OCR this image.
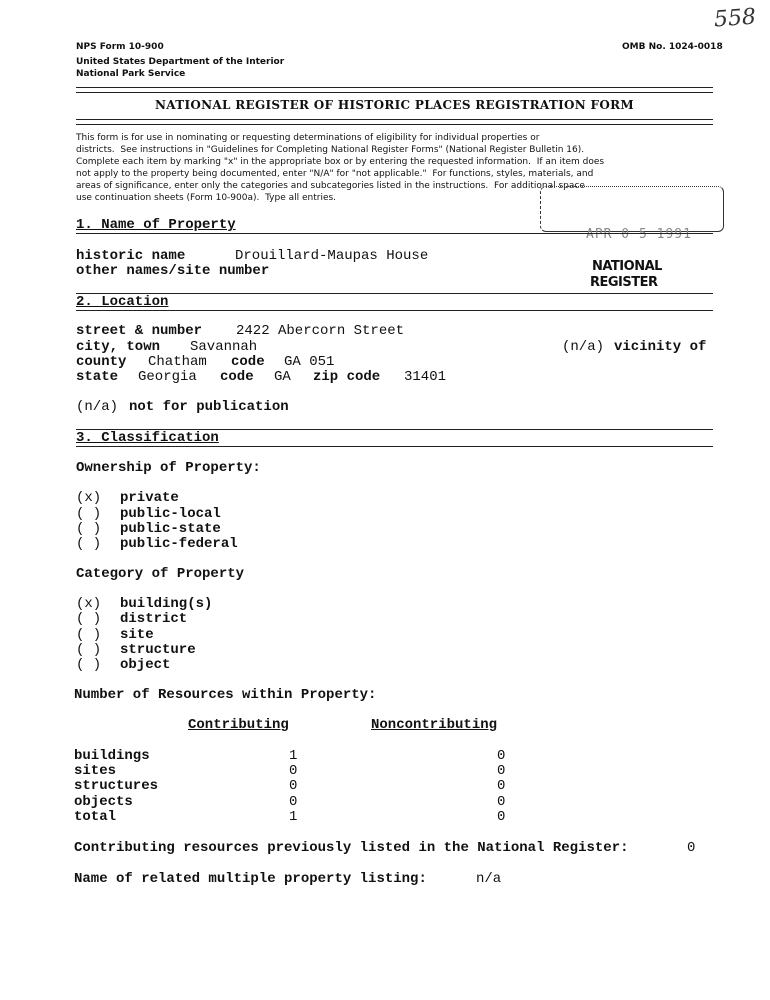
558
NPS Form 10-900	OMB No. 1024-0018
United States Department of the Interior
National Park Service
NATIONAL REGISTER OF HISTORIC PLACES REGISTRATION FORM
This form is for use in nominating or requesting determinations of eligibility for individual properties or
districts.  See instructions in "Guidelines for Completing National Register Forms" (National Register Bulletin 16).
Complete each item by marking "x" in the appropriate box or by entering the requested information.  If an item does
not apply to the property being documented, enter "N/A" for "not applicable."  For functions, styles, materials, and
areas of significance, enter only the categories and subcategories listed in the instructions.  For additional space
use continuation sheets (Form 10-900a).  Type all entries.
APR 0 5 1991
NATIONAL
REGISTER
1. Name of Property
historic name	Drouillard-Maupas House
other names/site number
2. Location
street & number 2422 Abercorn Street
city, town Savannah	(n/a) vicinity of
county Chatham code GA 051
state Georgia code GA zip code 31401
(n/a) not for publication
3. Classification
Ownership of Property:
(x) private
( ) public-local
( ) public-state
( ) public-federal
Category of Property
(x) building(s)
( ) district
( ) site
( ) structure
( ) object
Number of Resources within Property:
Contributing	Noncontributing
buildings	1	0
sites	0	0
structures	0	0
objects	0	0
total	1	0
Contributing resources previously listed in the National Register:	0
Name of related multiple property listing:	n/a
